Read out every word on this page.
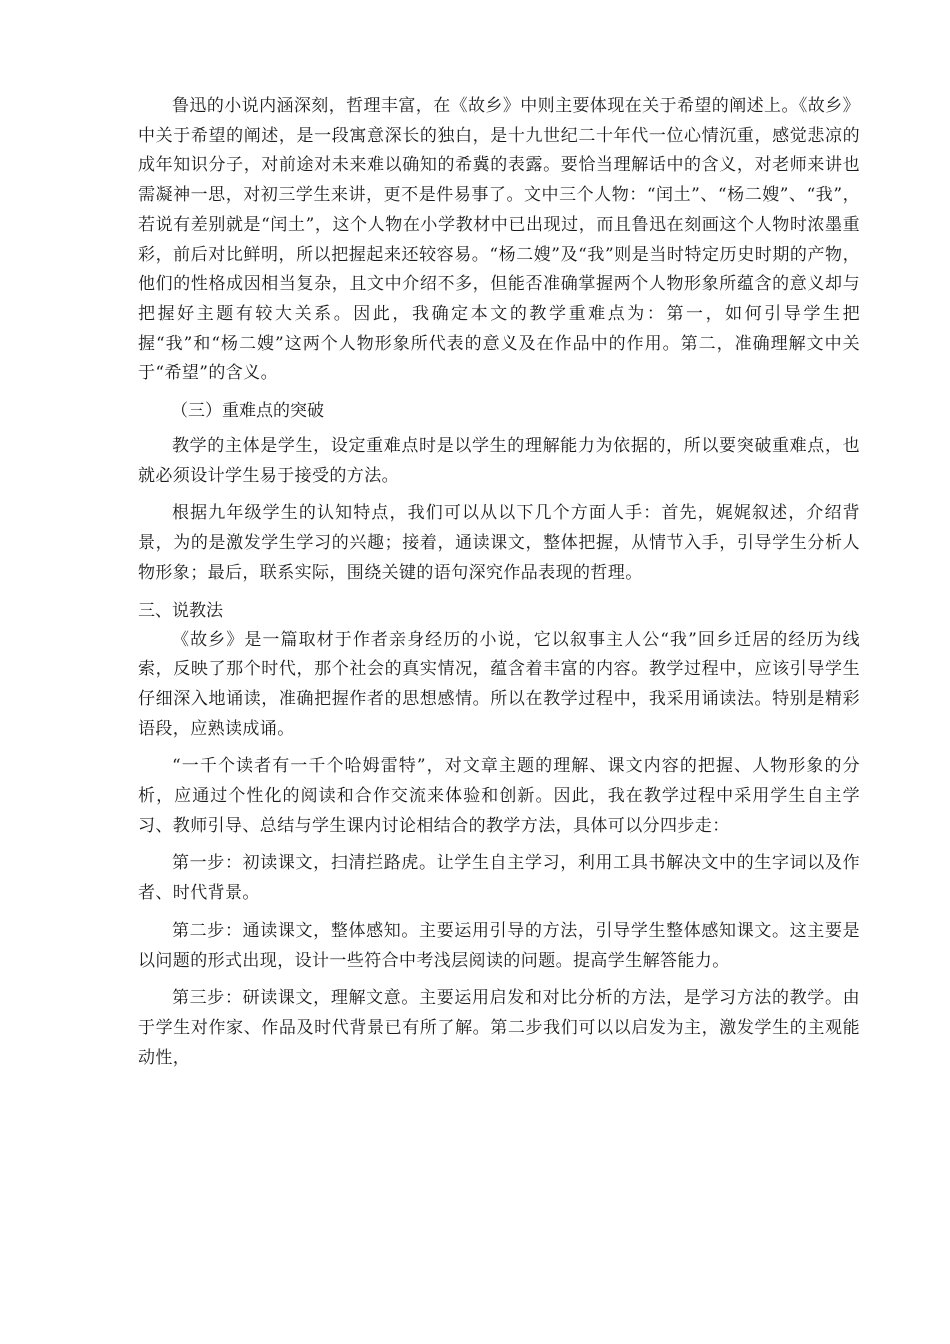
鲁迅的小说内涵深刻，哲理丰富，在《故乡》中则主要体现在关于希望的阐述上。《故乡》中关于希望的阐述，是一段寓意深长的独白，是十九世纪二十年代一位心情沉重，感觉悲凉的成年知识分子，对前途对未来难以确知的希冀的表露。要恰当理解话中的含义，对老师来讲也需凝神一思，对初三学生来讲，更不是件易事了。文中三个人物：“闰土”、“杨二嫂”、“我”，若说有差别就是“闰土”，这个人物在小学教材中已出现过，而且鲁迅在刻画这个人物时浓墨重彩，前后对比鲜明，所以把握起来还较容易。“杨二嫂”及“我”则是当时特定历史时期的产物，他们的性格成因相当复杂，且文中介绍不多，但能否准确掌握两个人物形象所蕴含的意义却与把握好主题有较大关系。因此，我确定本文的教学重难点为：第一，如何引导学生把握“我”和“杨二嫂”这两个人物形象所代表的意义及在作品中的作用。第二，准确理解文中关于“希望”的含义。

（三）重难点的突破

教学的主体是学生，设定重难点时是以学生的理解能力为依据的，所以要突破重难点，也就必须设计学生易于接受的方法。

根据九年级学生的认知特点，我们可以从以下几个方面人手：首先，娓娓叙述，介绍背景，为的是激发学生学习的兴趣；接着，通读课文，整体把握，从情节入手，引导学生分析人物形象；最后，联系实际，围绕关键的语句深究作品表现的哲理。

三、说教法

《故乡》是一篇取材于作者亲身经历的小说，它以叙事主人公“我”回乡迁居的经历为线索，反映了那个时代，那个社会的真实情况，蕴含着丰富的内容。教学过程中，应该引导学生仔细深入地诵读，准确把握作者的思想感情。所以在教学过程中，我采用诵读法。特别是精彩语段，应熟读成诵。

“一千个读者有一千个哈姆雷特”，对文章主题的理解、课文内容的把握、人物形象的分析，应通过个性化的阅读和合作交流来体验和创新。因此，我在教学过程中采用学生自主学习、教师引导、总结与学生课内讨论相结合的教学方法，具体可以分四步走：

第一步：初读课文，扫清拦路虎。让学生自主学习，利用工具书解决文中的生字词以及作者、时代背景。

第二步：通读课文，整体感知。主要运用引导的方法，引导学生整体感知课文。这主要是以问题的形式出现，设计一些符合中考浅层阅读的问题。提高学生解答能力。

第三步：研读课文，理解文意。主要运用启发和对比分析的方法，是学习方法的教学。由于学生对作家、作品及时代背景已有所了解。第二步我们可以以启发为主，激发学生的主观能动性，
